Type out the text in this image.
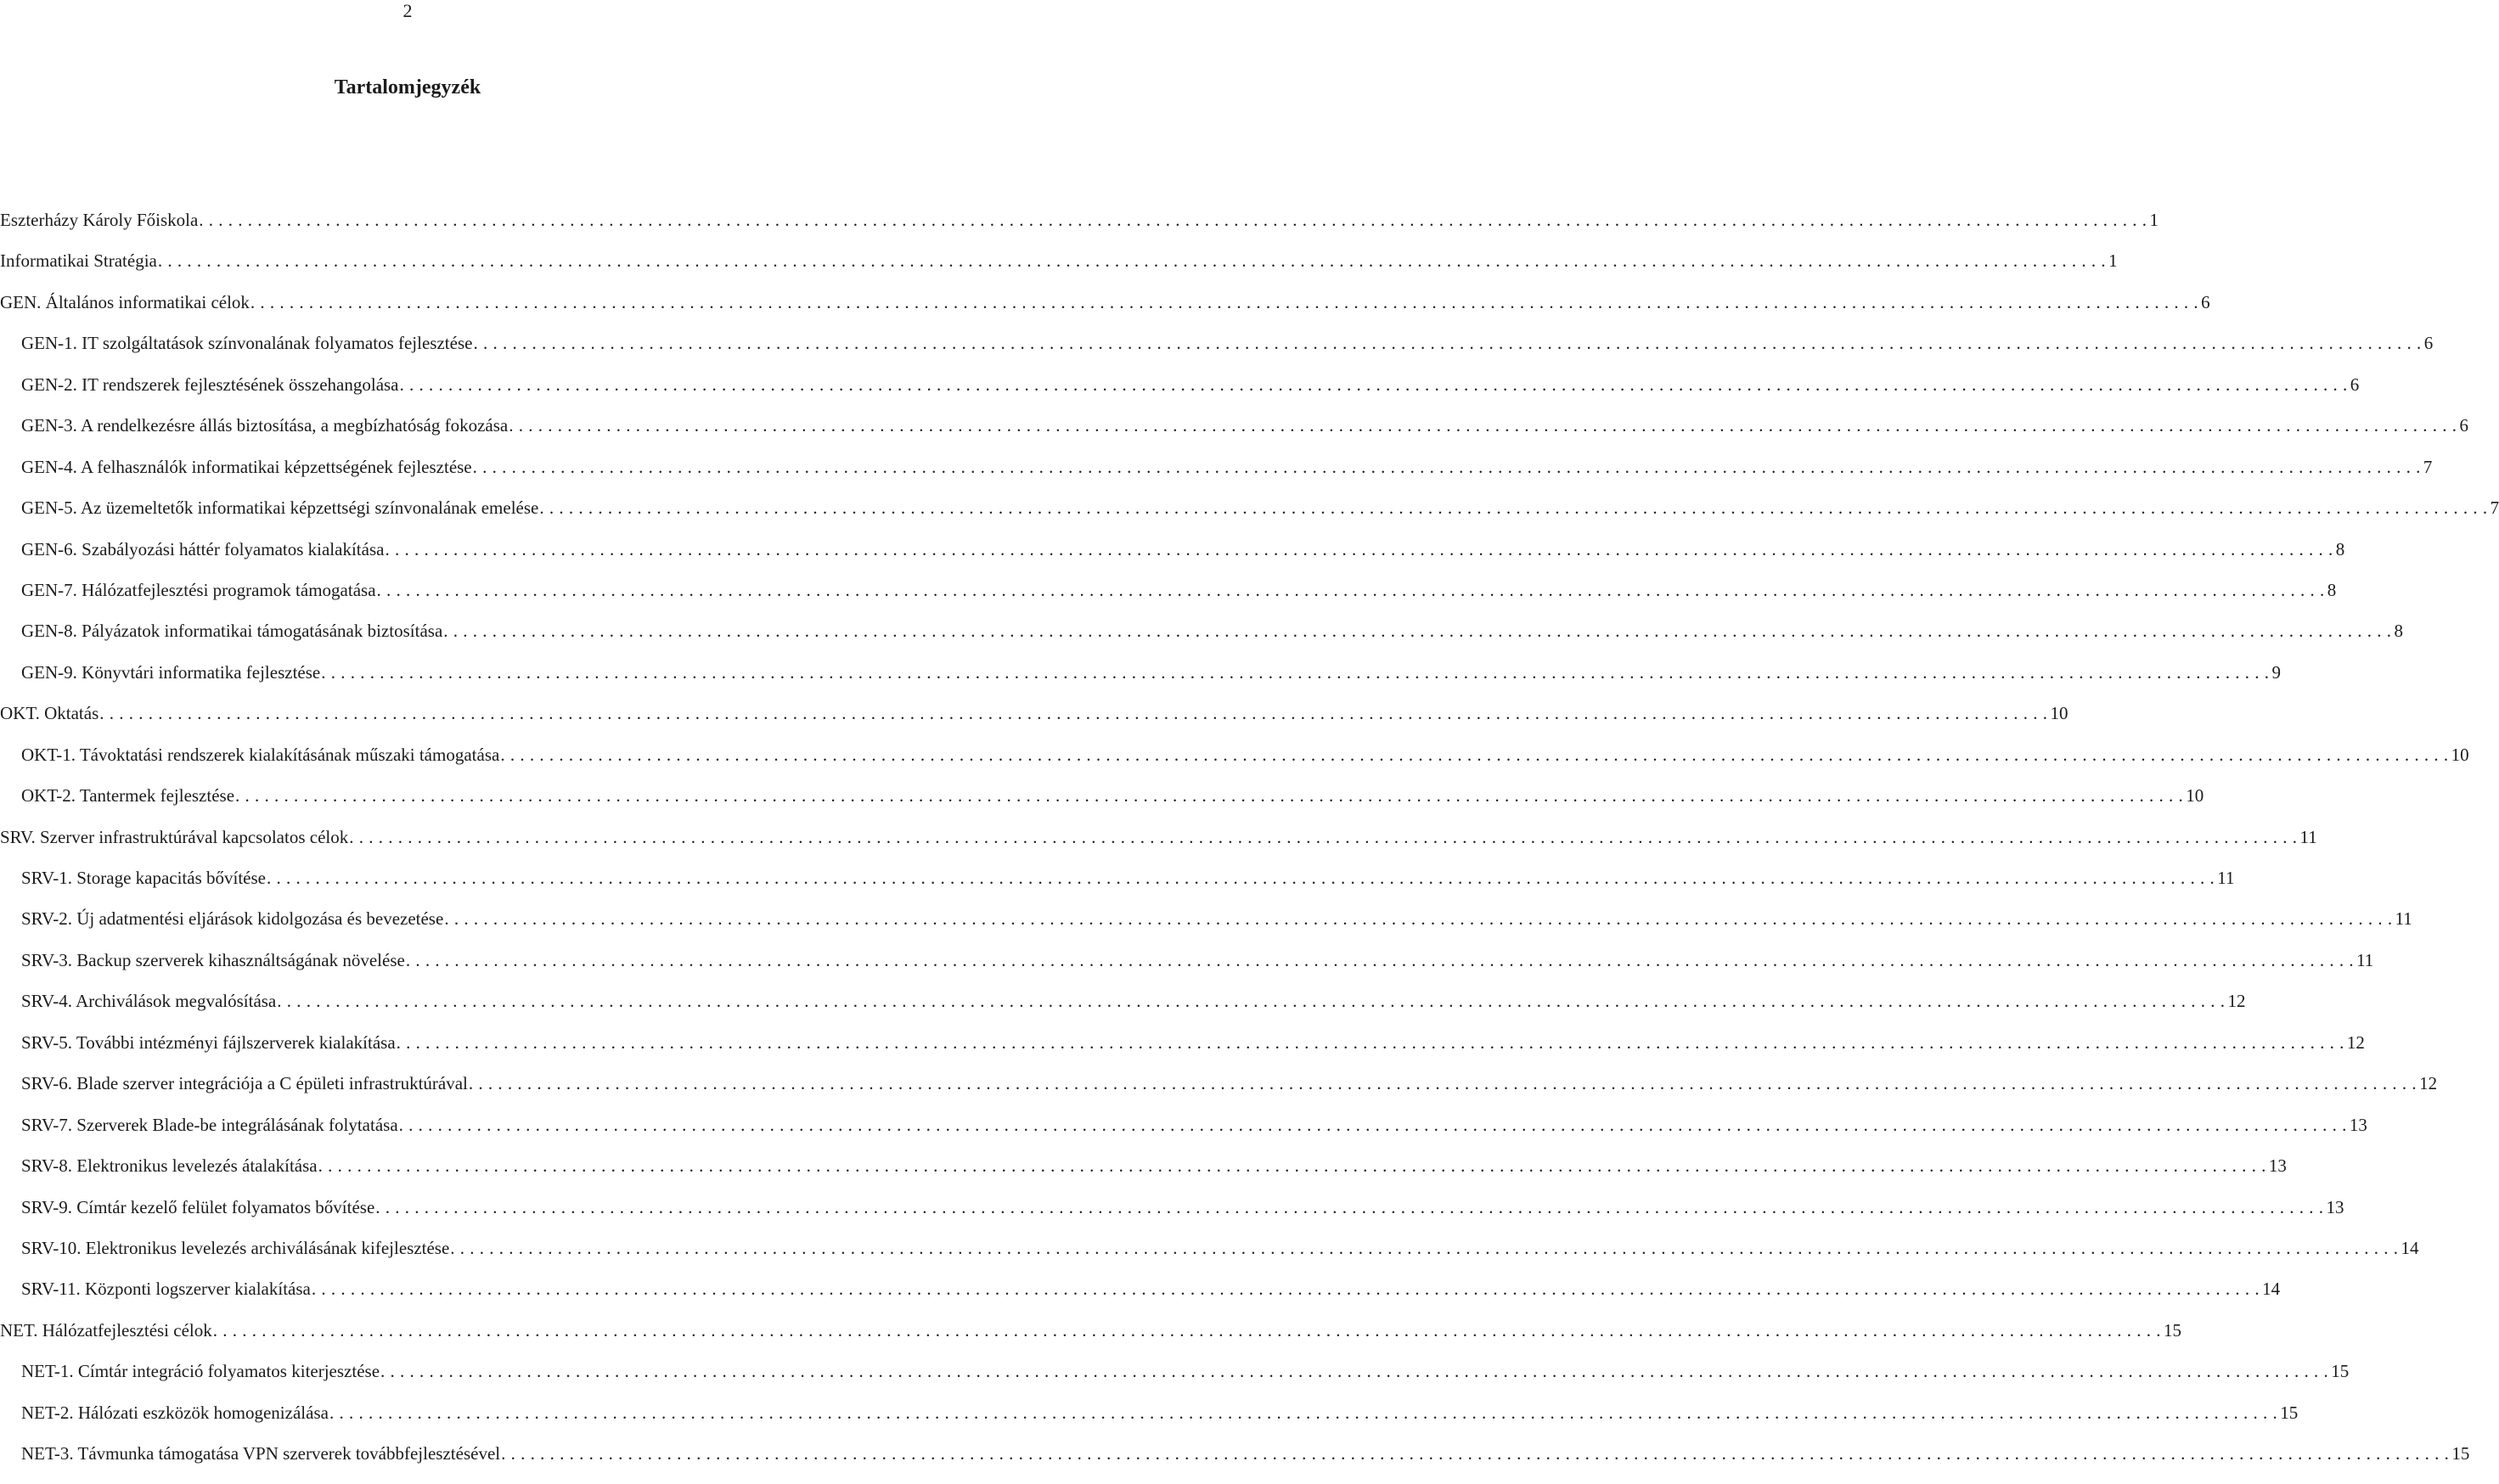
2
Tartalomjegyzék
Eszterházy Károly Főiskola . . . . . . . . . . . . . . . . . . . . . . . . . . . . . . . . . . . . . . . . . . . . . . . . . . . . . . . . . . . . . . . . . . . . . . . . . . . . . . . . . . . . . . . . . . . . . . . . . . . . . . . . . . . . . . . . . . . . . . . . . . . . . . . . . . . . . . . . . . . . . . . . . . . . . . . . . . . . . . . . . . . . . . . . . . . . . . . . . . . . . . . . . . . . . . . . . . . . . . . . 1
Informatikai Stratégia . . . . . . . . . . . . . . . . . . . . . . . . . . . . . . . . . . . . . . . . . . . . . . . . . . . . . . . . . . . . . . . . . . . . . . . . . . . . . . . . . . . . . . . . . . . . . . . . . . . . . . . . . . . . . . . . . . . . . . . . . . . . . . . . . . . . . . . . . . . . . . . . . . . . . . . . . . . . . . . . . . . . . . . . . . . . . . . . . . . . . . . . . . . . . . . . . . . . . . . . 1
GEN. Általános informatikai célok . . . . . . . . . . . . . . . . . . . . . . . . . . . . . . . . . . . . . . . . . . . . . . . . . . . . . . . . . . . . . . . . . . . . . . . . . . . . . . . . . . . . . . . . . . . . . . . . . . . . . . . . . . . . . . . . . . . . . . . . . . . . . . . . . . . . . . . . . . . . . . . . . . . . . . . . . . . . . . . . . . . . . . . . . . . . . . . . . . . . . . . . . . . . . . . . . . . . . . . . 6
GEN-1. IT szolgáltatások színvonalának folyamatos fejlesztése . . . . . . . . . . . . . . . . . . . . . . . . . . . . . . . . . . . . . . . . . . . . . . . . . . . . . . . . . . . . . . . . . . . . . . . . . . . . . . . . . . . . . . . . . . . . . . . . . . . . . . . . . . . . . . . . . . . . . . . . . . . . . . . . . . . . . . . . . . . . . . . . . . . . . . . . . . . . . . . . . . . . . . . . . . . . . . . . . . . . . . . . . . . . . . . . . . . . . . . . 6
GEN-2. IT rendszerek fejlesztésének összehangolása . . . . . . . . . . . . . . . . . . . . . . . . . . . . . . . . . . . . . . . . . . . . . . . . . . . . . . . . . . . . . . . . . . . . . . . . . . . . . . . . . . . . . . . . . . . . . . . . . . . . . . . . . . . . . . . . . . . . . . . . . . . . . . . . . . . . . . . . . . . . . . . . . . . . . . . . . . . . . . . . . . . . . . . . . . . . . . . . . . . . . . . . . . . . . . . . . . . . . . . . 6
GEN-3. A rendelkezésre állás biztosítása, a megbízhatóság fokozása . . . . . . . . . . . . . . . . . . . . . . . . . . . . . . . . . . . . . . . . . . . . . . . . . . . . . . . . . . . . . . . . . . . . . . . . . . . . . . . . . . . . . . . . . . . . . . . . . . . . . . . . . . . . . . . . . . . . . . . . . . . . . . . . . . . . . . . . . . . . . . . . . . . . . . . . . . . . . . . . . . . . . . . . . . . . . . . . . . . . . . . . . . . . . . . . . . . . . . . . 6
GEN-4. A felhasználók informatikai képzettségének fejlesztése . . . . . . . . . . . . . . . . . . . . . . . . . . . . . . . . . . . . . . . . . . . . . . . . . . . . . . . . . . . . . . . . . . . . . . . . . . . . . . . . . . . . . . . . . . . . . . . . . . . . . . . . . . . . . . . . . . . . . . . . . . . . . . . . . . . . . . . . . . . . . . . . . . . . . . . . . . . . . . . . . . . . . . . . . . . . . . . . . . . . . . . . . . . . . . . . . . . . . . . . 7
GEN-5. Az üzemeltetők informatikai képzettségi színvonalának emelése . . . . . . . . . . . . . . . . . . . . . . . . . . . . . . . . . . . . . . . . . . . . . . . . . . . . . . . . . . . . . . . . . . . . . . . . . . . . . . . . . . . . . . . . . . . . . . . . . . . . . . . . . . . . . . . . . . . . . . . . . . . . . . . . . . . . . . . . . . . . . . . . . . . . . . . . . . . . . . . . . . . . . . . . . . . . . . . . . . . . . . . . . . . . . . . . . . . . . . . . 7
GEN-6. Szabályozási háttér folyamatos kialakítása . . . . . . . . . . . . . . . . . . . . . . . . . . . . . . . . . . . . . . . . . . . . . . . . . . . . . . . . . . . . . . . . . . . . . . . . . . . . . . . . . . . . . . . . . . . . . . . . . . . . . . . . . . . . . . . . . . . . . . . . . . . . . . . . . . . . . . . . . . . . . . . . . . . . . . . . . . . . . . . . . . . . . . . . . . . . . . . . . . . . . . . . . . . . . . . . . . . . . . . . 8
GEN-7. Hálózatfejlesztési programok támogatása . . . . . . . . . . . . . . . . . . . . . . . . . . . . . . . . . . . . . . . . . . . . . . . . . . . . . . . . . . . . . . . . . . . . . . . . . . . . . . . . . . . . . . . . . . . . . . . . . . . . . . . . . . . . . . . . . . . . . . . . . . . . . . . . . . . . . . . . . . . . . . . . . . . . . . . . . . . . . . . . . . . . . . . . . . . . . . . . . . . . . . . . . . . . . . . . . . . . . . . . 8
GEN-8. Pályázatok informatikai támogatásának biztosítása . . . . . . . . . . . . . . . . . . . . . . . . . . . . . . . . . . . . . . . . . . . . . . . . . . . . . . . . . . . . . . . . . . . . . . . . . . . . . . . . . . . . . . . . . . . . . . . . . . . . . . . . . . . . . . . . . . . . . . . . . . . . . . . . . . . . . . . . . . . . . . . . . . . . . . . . . . . . . . . . . . . . . . . . . . . . . . . . . . . . . . . . . . . . . . . . . . . . . . . . 8
GEN-9. Könyvtári informatika fejlesztése . . . . . . . . . . . . . . . . . . . . . . . . . . . . . . . . . . . . . . . . . . . . . . . . . . . . . . . . . . . . . . . . . . . . . . . . . . . . . . . . . . . . . . . . . . . . . . . . . . . . . . . . . . . . . . . . . . . . . . . . . . . . . . . . . . . . . . . . . . . . . . . . . . . . . . . . . . . . . . . . . . . . . . . . . . . . . . . . . . . . . . . . . . . . . . . . . . . . . . . . 9
OKT. Oktatás . . . . . . . . . . . . . . . . . . . . . . . . . . . . . . . . . . . . . . . . . . . . . . . . . . . . . . . . . . . . . . . . . . . . . . . . . . . . . . . . . . . . . . . . . . . . . . . . . . . . . . . . . . . . . . . . . . . . . . . . . . . . . . . . . . . . . . . . . . . . . . . . . . . . . . . . . . . . . . . . . . . . . . . . . . . . . . . . . . . . . . . . . . . . . . . . . . . . . . . . 10
OKT-1. Távoktatási rendszerek kialakításának műszaki támogatása . . . . . . . . . . . . . . . . . . . . . . . . . . . . . . . . . . . . . . . . . . . . . . . . . . . . . . . . . . . . . . . . . . . . . . . . . . . . . . . . . . . . . . . . . . . . . . . . . . . . . . . . . . . . . . . . . . . . . . . . . . . . . . . . . . . . . . . . . . . . . . . . . . . . . . . . . . . . . . . . . . . . . . . . . . . . . . . . . . . . . . . . . . . . . . . . . . . . . . . . 10
OKT-2. Tantermek fejlesztése . . . . . . . . . . . . . . . . . . . . . . . . . . . . . . . . . . . . . . . . . . . . . . . . . . . . . . . . . . . . . . . . . . . . . . . . . . . . . . . . . . . . . . . . . . . . . . . . . . . . . . . . . . . . . . . . . . . . . . . . . . . . . . . . . . . . . . . . . . . . . . . . . . . . . . . . . . . . . . . . . . . . . . . . . . . . . . . . . . . . . . . . . . . . . . . . . . . . . . . . 10
SRV. Szerver infrastruktúrával kapcsolatos célok . . . . . . . . . . . . . . . . . . . . . . . . . . . . . . . . . . . . . . . . . . . . . . . . . . . . . . . . . . . . . . . . . . . . . . . . . . . . . . . . . . . . . . . . . . . . . . . . . . . . . . . . . . . . . . . . . . . . . . . . . . . . . . . . . . . . . . . . . . . . . . . . . . . . . . . . . . . . . . . . . . . . . . . . . . . . . . . . . . . . . . . . . . . . . . . . . . . . . . . . 11
SRV-1. Storage kapacitás bővítése . . . . . . . . . . . . . . . . . . . . . . . . . . . . . . . . . . . . . . . . . . . . . . . . . . . . . . . . . . . . . . . . . . . . . . . . . . . . . . . . . . . . . . . . . . . . . . . . . . . . . . . . . . . . . . . . . . . . . . . . . . . . . . . . . . . . . . . . . . . . . . . . . . . . . . . . . . . . . . . . . . . . . . . . . . . . . . . . . . . . . . . . . . . . . . . . . . . . . . . . 11
SRV-2. Új adatmentési eljárások kidolgozása és bevezetése . . . . . . . . . . . . . . . . . . . . . . . . . . . . . . . . . . . . . . . . . . . . . . . . . . . . . . . . . . . . . . . . . . . . . . . . . . . . . . . . . . . . . . . . . . . . . . . . . . . . . . . . . . . . . . . . . . . . . . . . . . . . . . . . . . . . . . . . . . . . . . . . . . . . . . . . . . . . . . . . . . . . . . . . . . . . . . . . . . . . . . . . . . . . . . . . . . . . . . . . 11
SRV-3. Backup szerverek kihasználtságának növelése . . . . . . . . . . . . . . . . . . . . . . . . . . . . . . . . . . . . . . . . . . . . . . . . . . . . . . . . . . . . . . . . . . . . . . . . . . . . . . . . . . . . . . . . . . . . . . . . . . . . . . . . . . . . . . . . . . . . . . . . . . . . . . . . . . . . . . . . . . . . . . . . . . . . . . . . . . . . . . . . . . . . . . . . . . . . . . . . . . . . . . . . . . . . . . . . . . . . . . . . 11
SRV-4. Archiválások megvalósítása . . . . . . . . . . . . . . . . . . . . . . . . . . . . . . . . . . . . . . . . . . . . . . . . . . . . . . . . . . . . . . . . . . . . . . . . . . . . . . . . . . . . . . . . . . . . . . . . . . . . . . . . . . . . . . . . . . . . . . . . . . . . . . . . . . . . . . . . . . . . . . . . . . . . . . . . . . . . . . . . . . . . . . . . . . . . . . . . . . . . . . . . . . . . . . . . . . . . . . . . 12
SRV-5. További intézményi fájlszerverek kialakítása . . . . . . . . . . . . . . . . . . . . . . . . . . . . . . . . . . . . . . . . . . . . . . . . . . . . . . . . . . . . . . . . . . . . . . . . . . . . . . . . . . . . . . . . . . . . . . . . . . . . . . . . . . . . . . . . . . . . . . . . . . . . . . . . . . . . . . . . . . . . . . . . . . . . . . . . . . . . . . . . . . . . . . . . . . . . . . . . . . . . . . . . . . . . . . . . . . . . . . . . 12
SRV-6. Blade szerver integrációja a C épületi infrastruktúrával . . . . . . . . . . . . . . . . . . . . . . . . . . . . . . . . . . . . . . . . . . . . . . . . . . . . . . . . . . . . . . . . . . . . . . . . . . . . . . . . . . . . . . . . . . . . . . . . . . . . . . . . . . . . . . . . . . . . . . . . . . . . . . . . . . . . . . . . . . . . . . . . . . . . . . . . . . . . . . . . . . . . . . . . . . . . . . . . . . . . . . . . . . . . . . . . . . . . . . . . 12
SRV-7. Szerverek Blade-be integrálásának folytatása . . . . . . . . . . . . . . . . . . . . . . . . . . . . . . . . . . . . . . . . . . . . . . . . . . . . . . . . . . . . . . . . . . . . . . . . . . . . . . . . . . . . . . . . . . . . . . . . . . . . . . . . . . . . . . . . . . . . . . . . . . . . . . . . . . . . . . . . . . . . . . . . . . . . . . . . . . . . . . . . . . . . . . . . . . . . . . . . . . . . . . . . . . . . . . . . . . . . . . . . 13
SRV-8. Elektronikus levelezés átalakítása . . . . . . . . . . . . . . . . . . . . . . . . . . . . . . . . . . . . . . . . . . . . . . . . . . . . . . . . . . . . . . . . . . . . . . . . . . . . . . . . . . . . . . . . . . . . . . . . . . . . . . . . . . . . . . . . . . . . . . . . . . . . . . . . . . . . . . . . . . . . . . . . . . . . . . . . . . . . . . . . . . . . . . . . . . . . . . . . . . . . . . . . . . . . . . . . . . . . . . . . 13
SRV-9. Címtár kezelő felület folyamatos bővítése . . . . . . . . . . . . . . . . . . . . . . . . . . . . . . . . . . . . . . . . . . . . . . . . . . . . . . . . . . . . . . . . . . . . . . . . . . . . . . . . . . . . . . . . . . . . . . . . . . . . . . . . . . . . . . . . . . . . . . . . . . . . . . . . . . . . . . . . . . . . . . . . . . . . . . . . . . . . . . . . . . . . . . . . . . . . . . . . . . . . . . . . . . . . . . . . . . . . . . . . 13
SRV-10. Elektronikus levelezés archiválásának kifejlesztése . . . . . . . . . . . . . . . . . . . . . . . . . . . . . . . . . . . . . . . . . . . . . . . . . . . . . . . . . . . . . . . . . . . . . . . . . . . . . . . . . . . . . . . . . . . . . . . . . . . . . . . . . . . . . . . . . . . . . . . . . . . . . . . . . . . . . . . . . . . . . . . . . . . . . . . . . . . . . . . . . . . . . . . . . . . . . . . . . . . . . . . . . . . . . . . . . . . . . . . . 14
SRV-11. Központi logszerver kialakítása . . . . . . . . . . . . . . . . . . . . . . . . . . . . . . . . . . . . . . . . . . . . . . . . . . . . . . . . . . . . . . . . . . . . . . . . . . . . . . . . . . . . . . . . . . . . . . . . . . . . . . . . . . . . . . . . . . . . . . . . . . . . . . . . . . . . . . . . . . . . . . . . . . . . . . . . . . . . . . . . . . . . . . . . . . . . . . . . . . . . . . . . . . . . . . . . . . . . . . . . 14
NET. Hálózatfejlesztési célok . . . . . . . . . . . . . . . . . . . . . . . . . . . . . . . . . . . . . . . . . . . . . . . . . . . . . . . . . . . . . . . . . . . . . . . . . . . . . . . . . . . . . . . . . . . . . . . . . . . . . . . . . . . . . . . . . . . . . . . . . . . . . . . . . . . . . . . . . . . . . . . . . . . . . . . . . . . . . . . . . . . . . . . . . . . . . . . . . . . . . . . . . . . . . . . . . . . . . . . . 15
NET-1. Címtár integráció folyamatos kiterjesztése . . . . . . . . . . . . . . . . . . . . . . . . . . . . . . . . . . . . . . . . . . . . . . . . . . . . . . . . . . . . . . . . . . . . . . . . . . . . . . . . . . . . . . . . . . . . . . . . . . . . . . . . . . . . . . . . . . . . . . . . . . . . . . . . . . . . . . . . . . . . . . . . . . . . . . . . . . . . . . . . . . . . . . . . . . . . . . . . . . . . . . . . . . . . . . . . . . . . . . . . 15
NET-2. Hálózati eszközök homogenizálása . . . . . . . . . . . . . . . . . . . . . . . . . . . . . . . . . . . . . . . . . . . . . . . . . . . . . . . . . . . . . . . . . . . . . . . . . . . . . . . . . . . . . . . . . . . . . . . . . . . . . . . . . . . . . . . . . . . . . . . . . . . . . . . . . . . . . . . . . . . . . . . . . . . . . . . . . . . . . . . . . . . . . . . . . . . . . . . . . . . . . . . . . . . . . . . . . . . . . . . . 15
NET-3. Távmunka támogatása VPN szerverek továbbfejlesztésével . . . . . . . . . . . . . . . . . . . . . . . . . . . . . . . . . . . . . . . . . . . . . . . . . . . . . . . . . . . . . . . . . . . . . . . . . . . . . . . . . . . . . . . . . . . . . . . . . . . . . . . . . . . . . . . . . . . . . . . . . . . . . . . . . . . . . . . . . . . . . . . . . . . . . . . . . . . . . . . . . . . . . . . . . . . . . . . . . . . . . . . . . . . . . . . . . . . . . . . . 15
